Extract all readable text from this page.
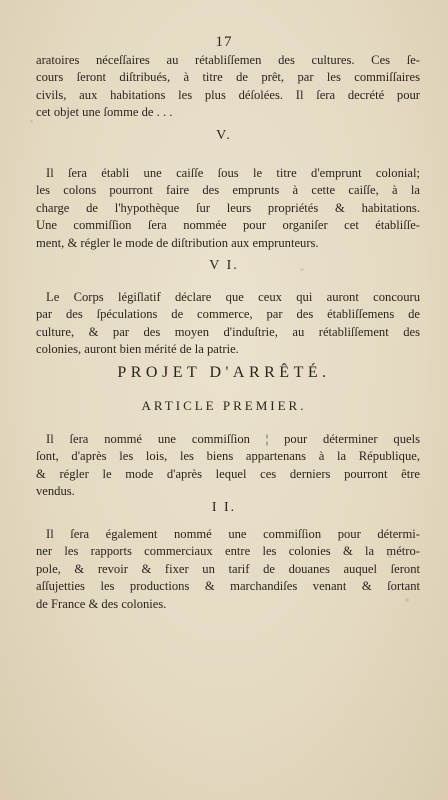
17

aratoires néceſſaires au rétabliſſemen des cultures. Ces ſe-
cours ſeront diſtribués, à titre de prêt, par les commiſſaires
civils, aux habitations les plus déſolées. Il ſera decrété pour
cet objet une ſomme de . . .

V.

Il ſera établi une caiſſe ſous le titre d'emprunt colonial;
les colons pourront faire des emprunts à cette caiſſe, à la
charge de l'hypothèque ſur leurs propriétés & habitations.
Une commiſſion ſera nommée pour organiſer cet établiſſe-
ment, & régler le mode de diſtribution aux emprunteurs.

V I.

Le Corps légiſlatif déclare que ceux qui auront concouru
par des ſpéculations de commerce, par des établiſſemens de
culture, & par des moyen d'induſtrie, au rétabliſſement des
colonies, auront bien mérité de la patrie.

PROJET D'ARRÊTÉ.
ARTICLE PREMIER.

Il ſera nommé une commiſſion ¦ pour déterminer quels
ſont, d'après les lois, les biens appartenans à la République,
& régler le mode d'après lequel ces derniers pourront être
vendus.

I I.

Il ſera également nommé une commiſſion pour détermi-
ner les rapports commerciaux entre les colonies & la métro-
pole, & revoir & fixer un tarif de douanes auquel ſeront
aſſujetties les productions & marchandiſes venant & ſortant
de France & des colonies.
